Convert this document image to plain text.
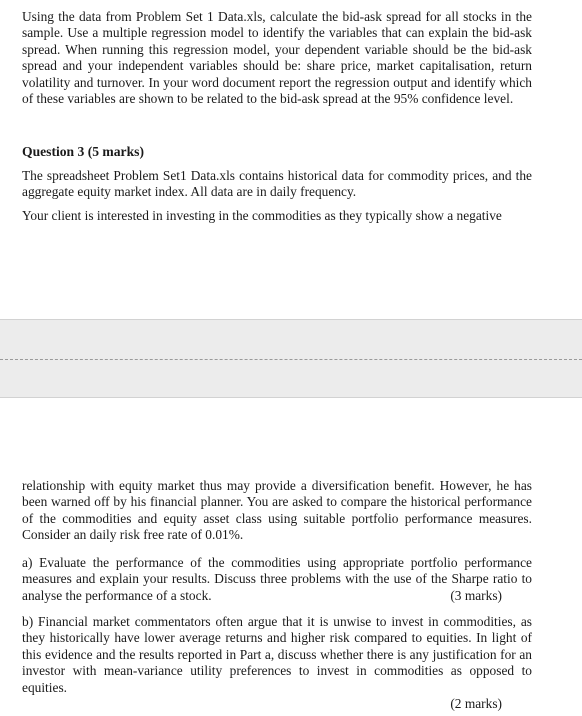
Using the data from Problem Set 1 Data.xls, calculate the bid-ask spread for all stocks in the sample. Use a multiple regression model to identify the variables that can explain the bid-ask spread. When running this regression model, your dependent variable should be the bid-ask spread and your independent variables should be: share price, market capitalisation, return volatility and turnover. In your word document report the regression output and identify which of these variables are shown to be related to the bid-ask spread at the 95% confidence level.
Question 3 (5 marks)
The spreadsheet Problem Set1 Data.xls contains historical data for commodity prices, and the aggregate equity market index. All data are in daily frequency.
Your client is interested in investing in the commodities as they typically show a negative
relationship with equity market thus may provide a diversification benefit. However, he has been warned off by his financial planner. You are asked to compare the historical performance of the commodities and equity asset class using suitable portfolio performance measures. Consider an daily risk free rate of 0.01%.
a) Evaluate the performance of the commodities using appropriate portfolio performance measures and explain your results. Discuss three problems with the use of the Sharpe ratio to analyse the performance of a stock.	(3 marks)
b) Financial market commentators often argue that it is unwise to invest in commodities, as they historically have lower average returns and higher risk compared to equities. In light of this evidence and the results reported in Part a, discuss whether there is any justification for an investor with mean-variance utility preferences to invest in commodities as opposed to equities.
(2 marks)
